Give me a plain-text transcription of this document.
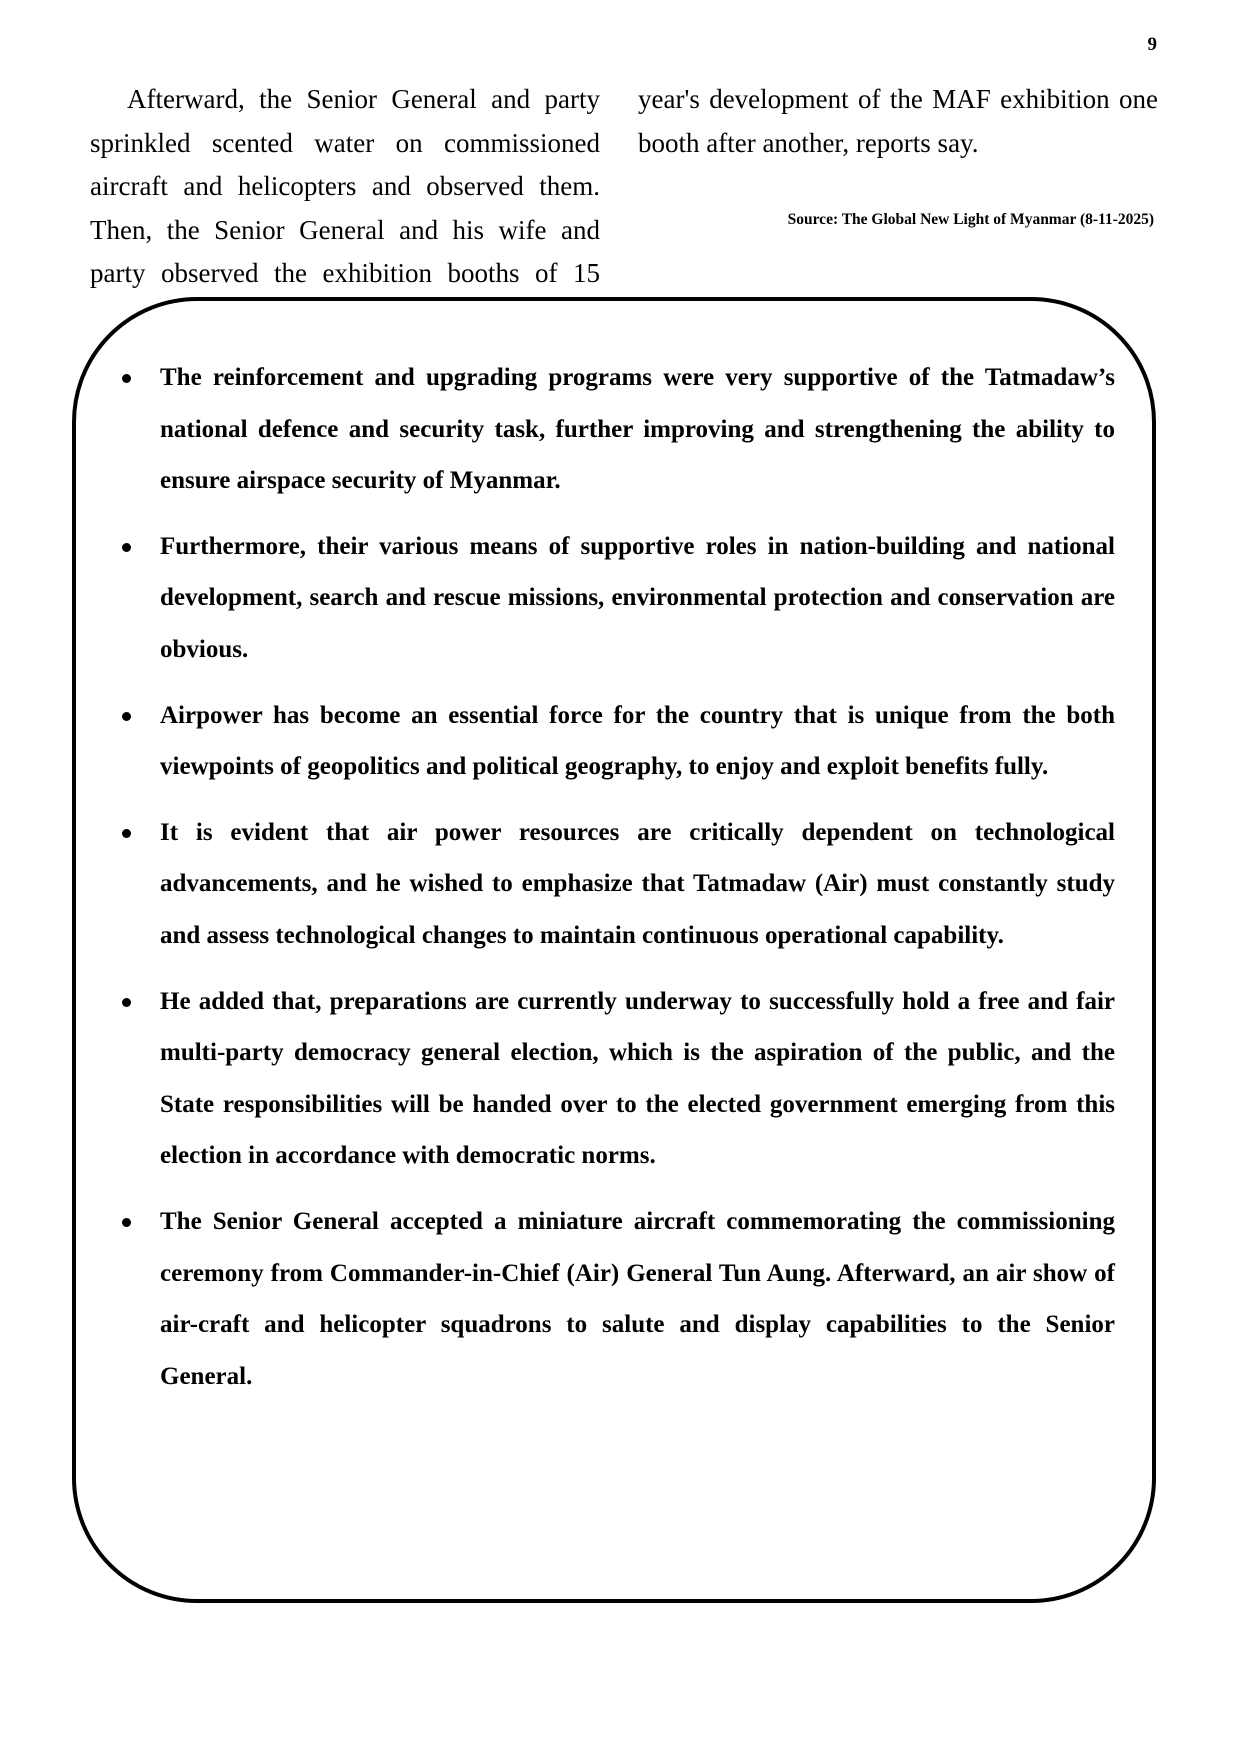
9
Afterward, the Senior General and party sprinkled scented water on commissioned aircraft and helicopters and observed them. Then, the Senior General and his wife and party observed the exhibition booths of 15
year's development of the MAF exhibition one booth after another, reports say.
Source: The Global New Light of Myanmar (8-11-2025)
The reinforcement and upgrading programs were very supportive of the Tatmadaw’s national defence and security task, further improving and strengthening the ability to ensure airspace security of Myanmar.
Furthermore, their various means of supportive roles in nation-building and national development, search and rescue missions, environmental protection and conservation are obvious.
Airpower has become an essential force for the country that is unique from the both viewpoints of geopolitics and political geography, to enjoy and exploit benefits fully.
It is evident that air power resources are critically dependent on technological advancements, and he wished to emphasize that Tatmadaw (Air) must constantly study and assess technological changes to maintain continuous operational capability.
He added that, preparations are currently underway to successfully hold a free and fair multi-party democracy general election, which is the aspiration of the public, and the State responsibilities will be handed over to the elected government emerging from this election in accordance with democratic norms.
The Senior General accepted a miniature aircraft commemorating the commissioning ceremony from Commander-in-Chief (Air) General Tun Aung. Afterward, an air show of air-craft and helicopter squadrons to salute and display capabilities to the Senior General.
